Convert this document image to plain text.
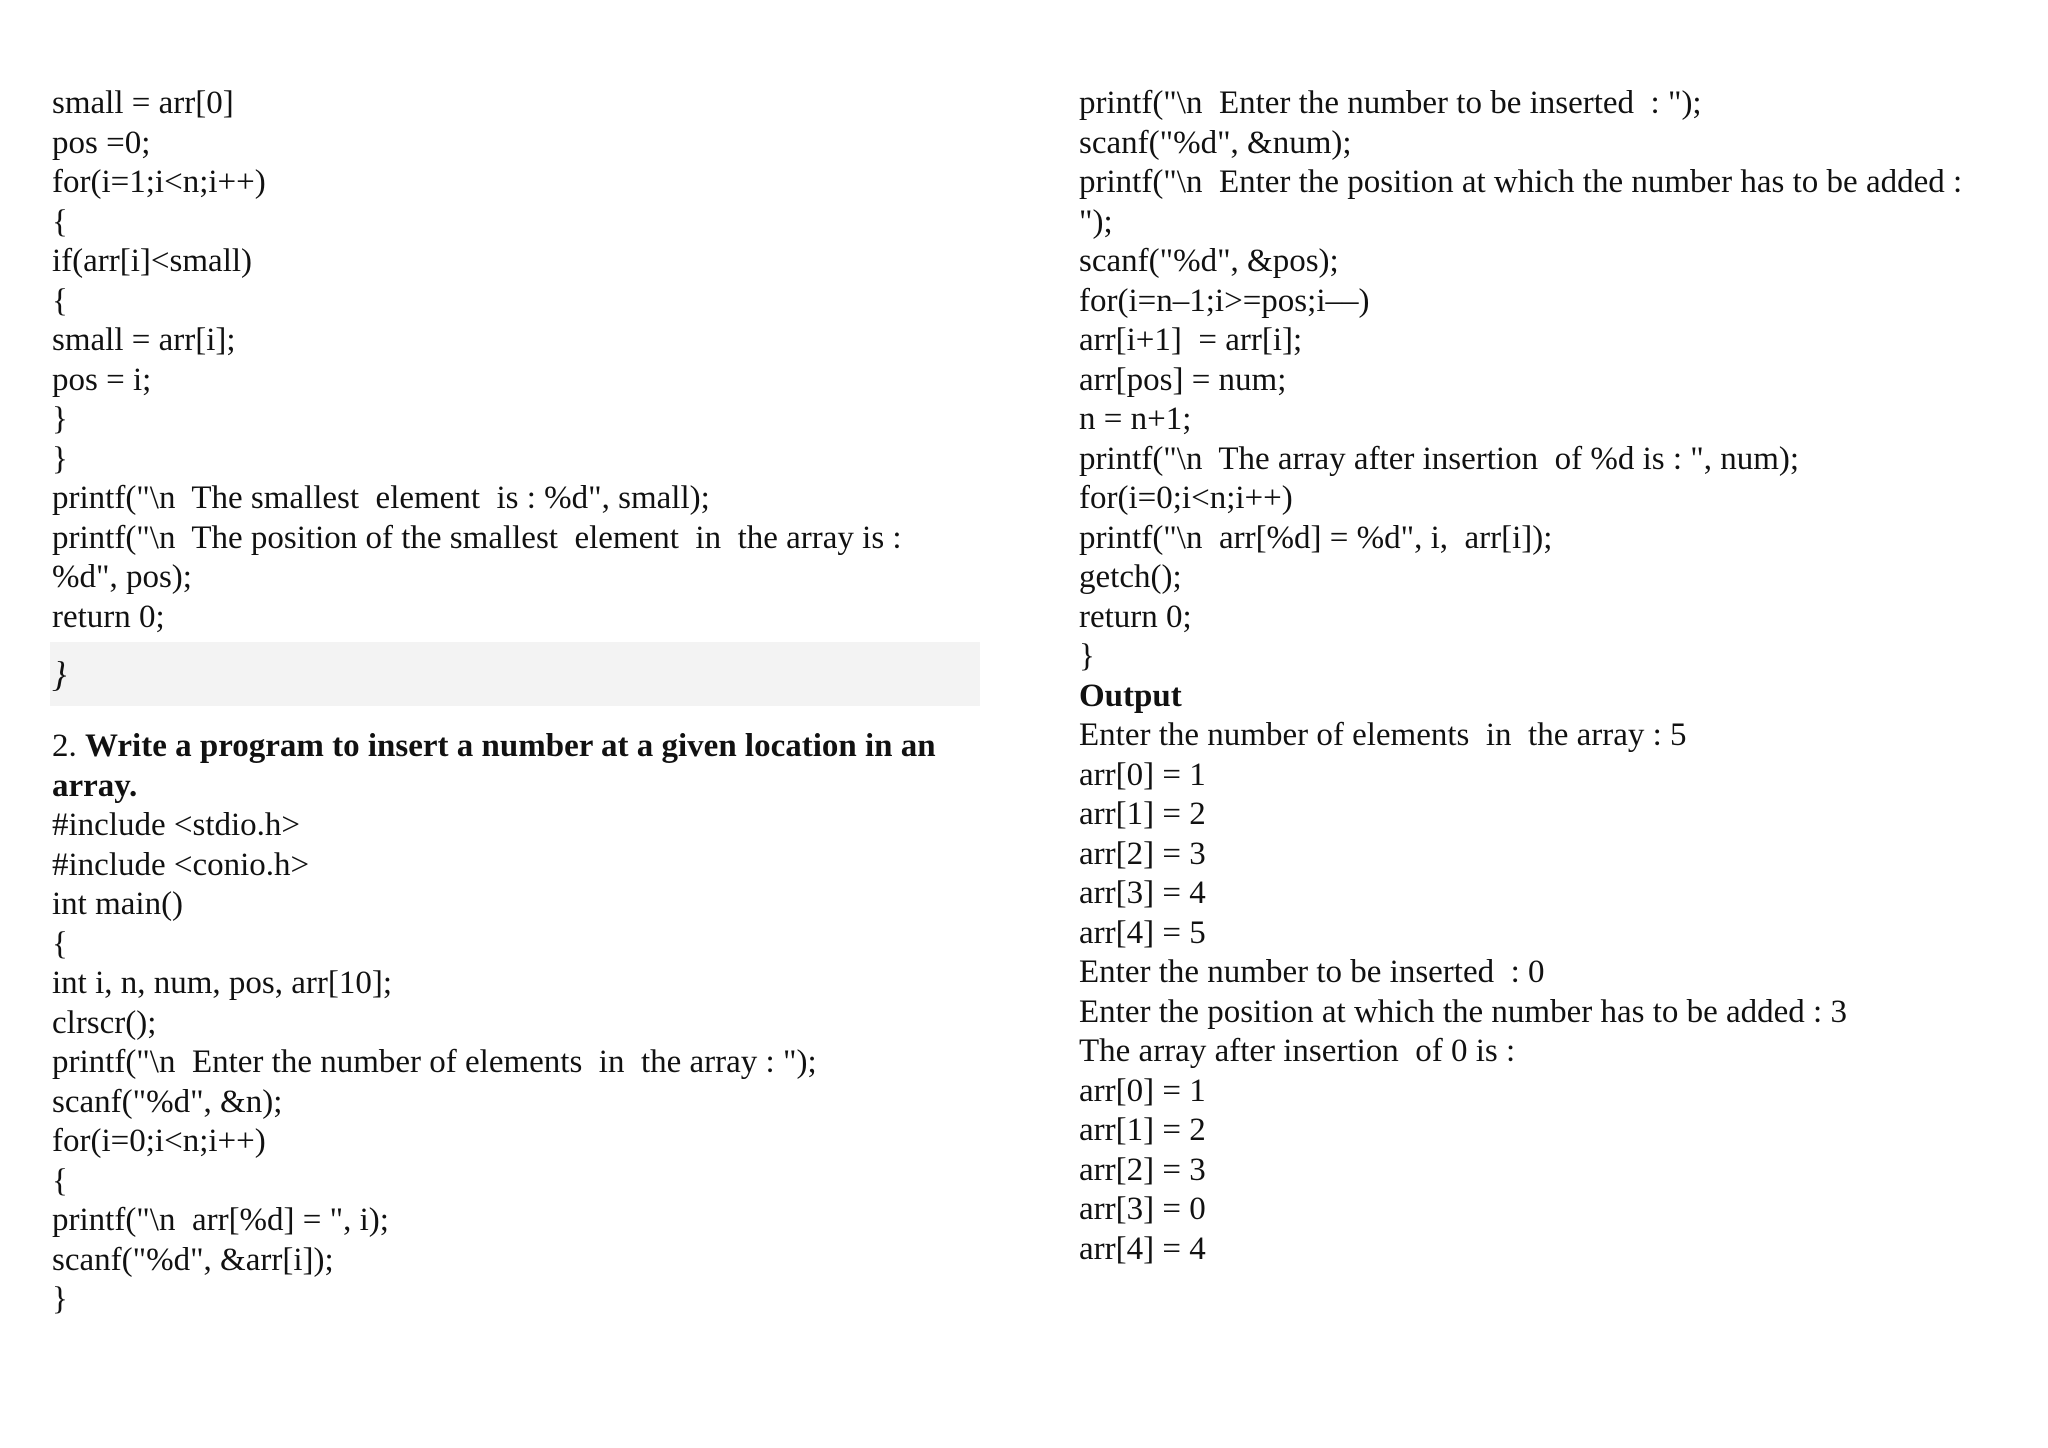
small = arr[0]
pos =0;
for(i=1;i<n;i++)
{
if(arr[i]<small)
{
small = arr[i];
pos = i;
}
}
printf("\n  The smallest  element  is : %d", small);
printf("\n  The position of the smallest  element  in  the array is :
%d", pos);
return 0;
}
2. Write a program to insert a number at a given location in an array.
#include <stdio.h>
#include <conio.h>
int main()
{
int i, n, num, pos, arr[10];
clrscr();
printf("\n  Enter the number of elements  in  the array : ");
scanf("%d", &n);
for(i=0;i<n;i++)
{
printf("\n  arr[%d] = ", i);
scanf("%d", &arr[i]);
}
printf("\n  Enter the number to be inserted  : ");
scanf("%d", &num);
printf("\n  Enter the position at which the number has to be added :
");
scanf("%d", &pos);
for(i=n–1;i>=pos;i––)
arr[i+1]  = arr[i];
arr[pos] = num;
n = n+1;
printf("\n  The array after insertion  of %d is : ", num);
for(i=0;i<n;i++)
printf("\n  arr[%d] = %d", i,  arr[i]);
getch();
return 0;
}
Output
Enter the number of elements  in  the array : 5
arr[0] = 1
arr[1] = 2
arr[2] = 3
arr[3] = 4
arr[4] = 5
Enter the number to be inserted  : 0
Enter the position at which the number has to be added : 3
The array after insertion  of 0 is :
arr[0] = 1
arr[1] = 2
arr[2] = 3
arr[3] = 0
arr[4] = 4
